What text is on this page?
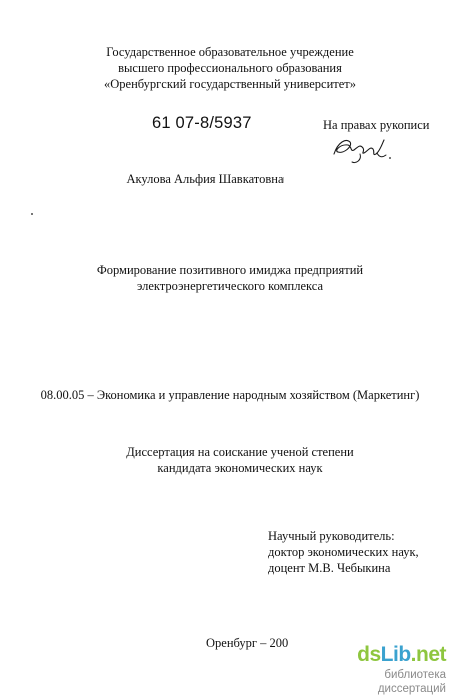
Государственное образовательное учреждение
высшего профессионального образования
«Оренбургский государственный университет»
61 07-8/5937	На правах рукописи
Акулова Альфия Шавкатовна
Формирование позитивного имиджа предприятий
электроэнергетического комплекса
08.00.05 – Экономика и управление народным хозяйством (Маркетинг)
Диссертация на соискание ученой степени
кандидата экономических наук
Научный руководитель:
доктор экономических наук,
доцент М.В. Чебыкина
Оренбург – 200	dsLib.net
библиотека диссертаций
